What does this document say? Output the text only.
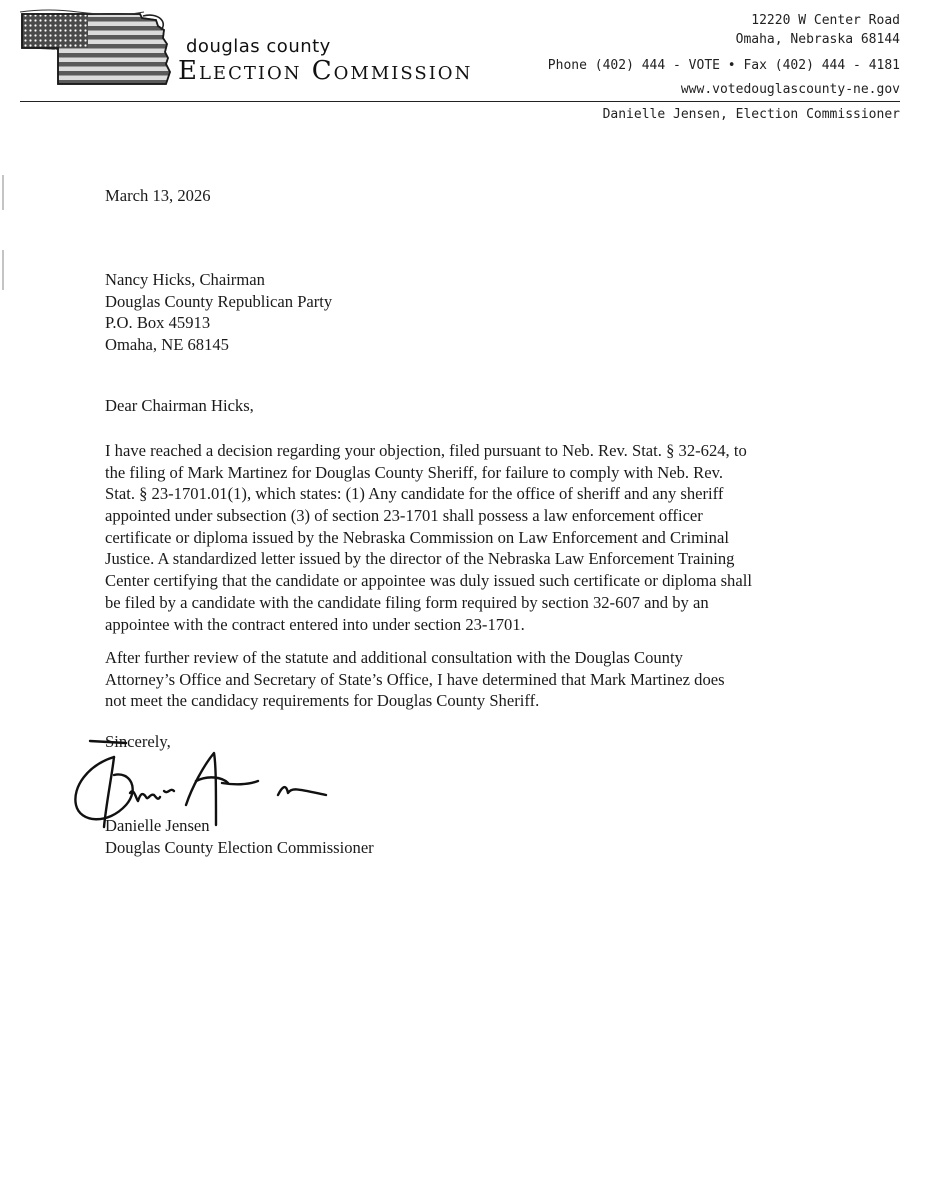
douglas county
Election Commission
12220 W Center Road
Omaha, Nebraska 68144
Phone (402) 444 - VOTE • Fax (402) 444 - 4181
www.votedouglascounty-ne.gov
Danielle Jensen, Election Commissioner
March 13, 2026
Nancy Hicks, Chairman
Douglas County Republican Party
P.O. Box 45913
Omaha, NE 68145
Dear Chairman Hicks,
I have reached a decision regarding your objection, filed pursuant to Neb. Rev. Stat. § 32-624, to
the filing of Mark Martinez for Douglas County Sheriff, for failure to comply with Neb. Rev.
Stat. § 23-1701.01(1), which states: (1) Any candidate for the office of sheriff and any sheriff
appointed under subsection (3) of section 23-1701 shall possess a law enforcement officer
certificate or diploma issued by the Nebraska Commission on Law Enforcement and Criminal
Justice. A standardized letter issued by the director of the Nebraska Law Enforcement Training
Center certifying that the candidate or appointee was duly issued such certificate or diploma shall
be filed by a candidate with the candidate filing form required by section 32-607 and by an
appointee with the contract entered into under section 23-1701.
After further review of the statute and additional consultation with the Douglas County
Attorney’s Office and Secretary of State’s Office, I have determined that Mark Martinez does
not meet the candidacy requirements for Douglas County Sheriff.
Sincerely,
Danielle Jensen
Douglas County Election Commissioner
